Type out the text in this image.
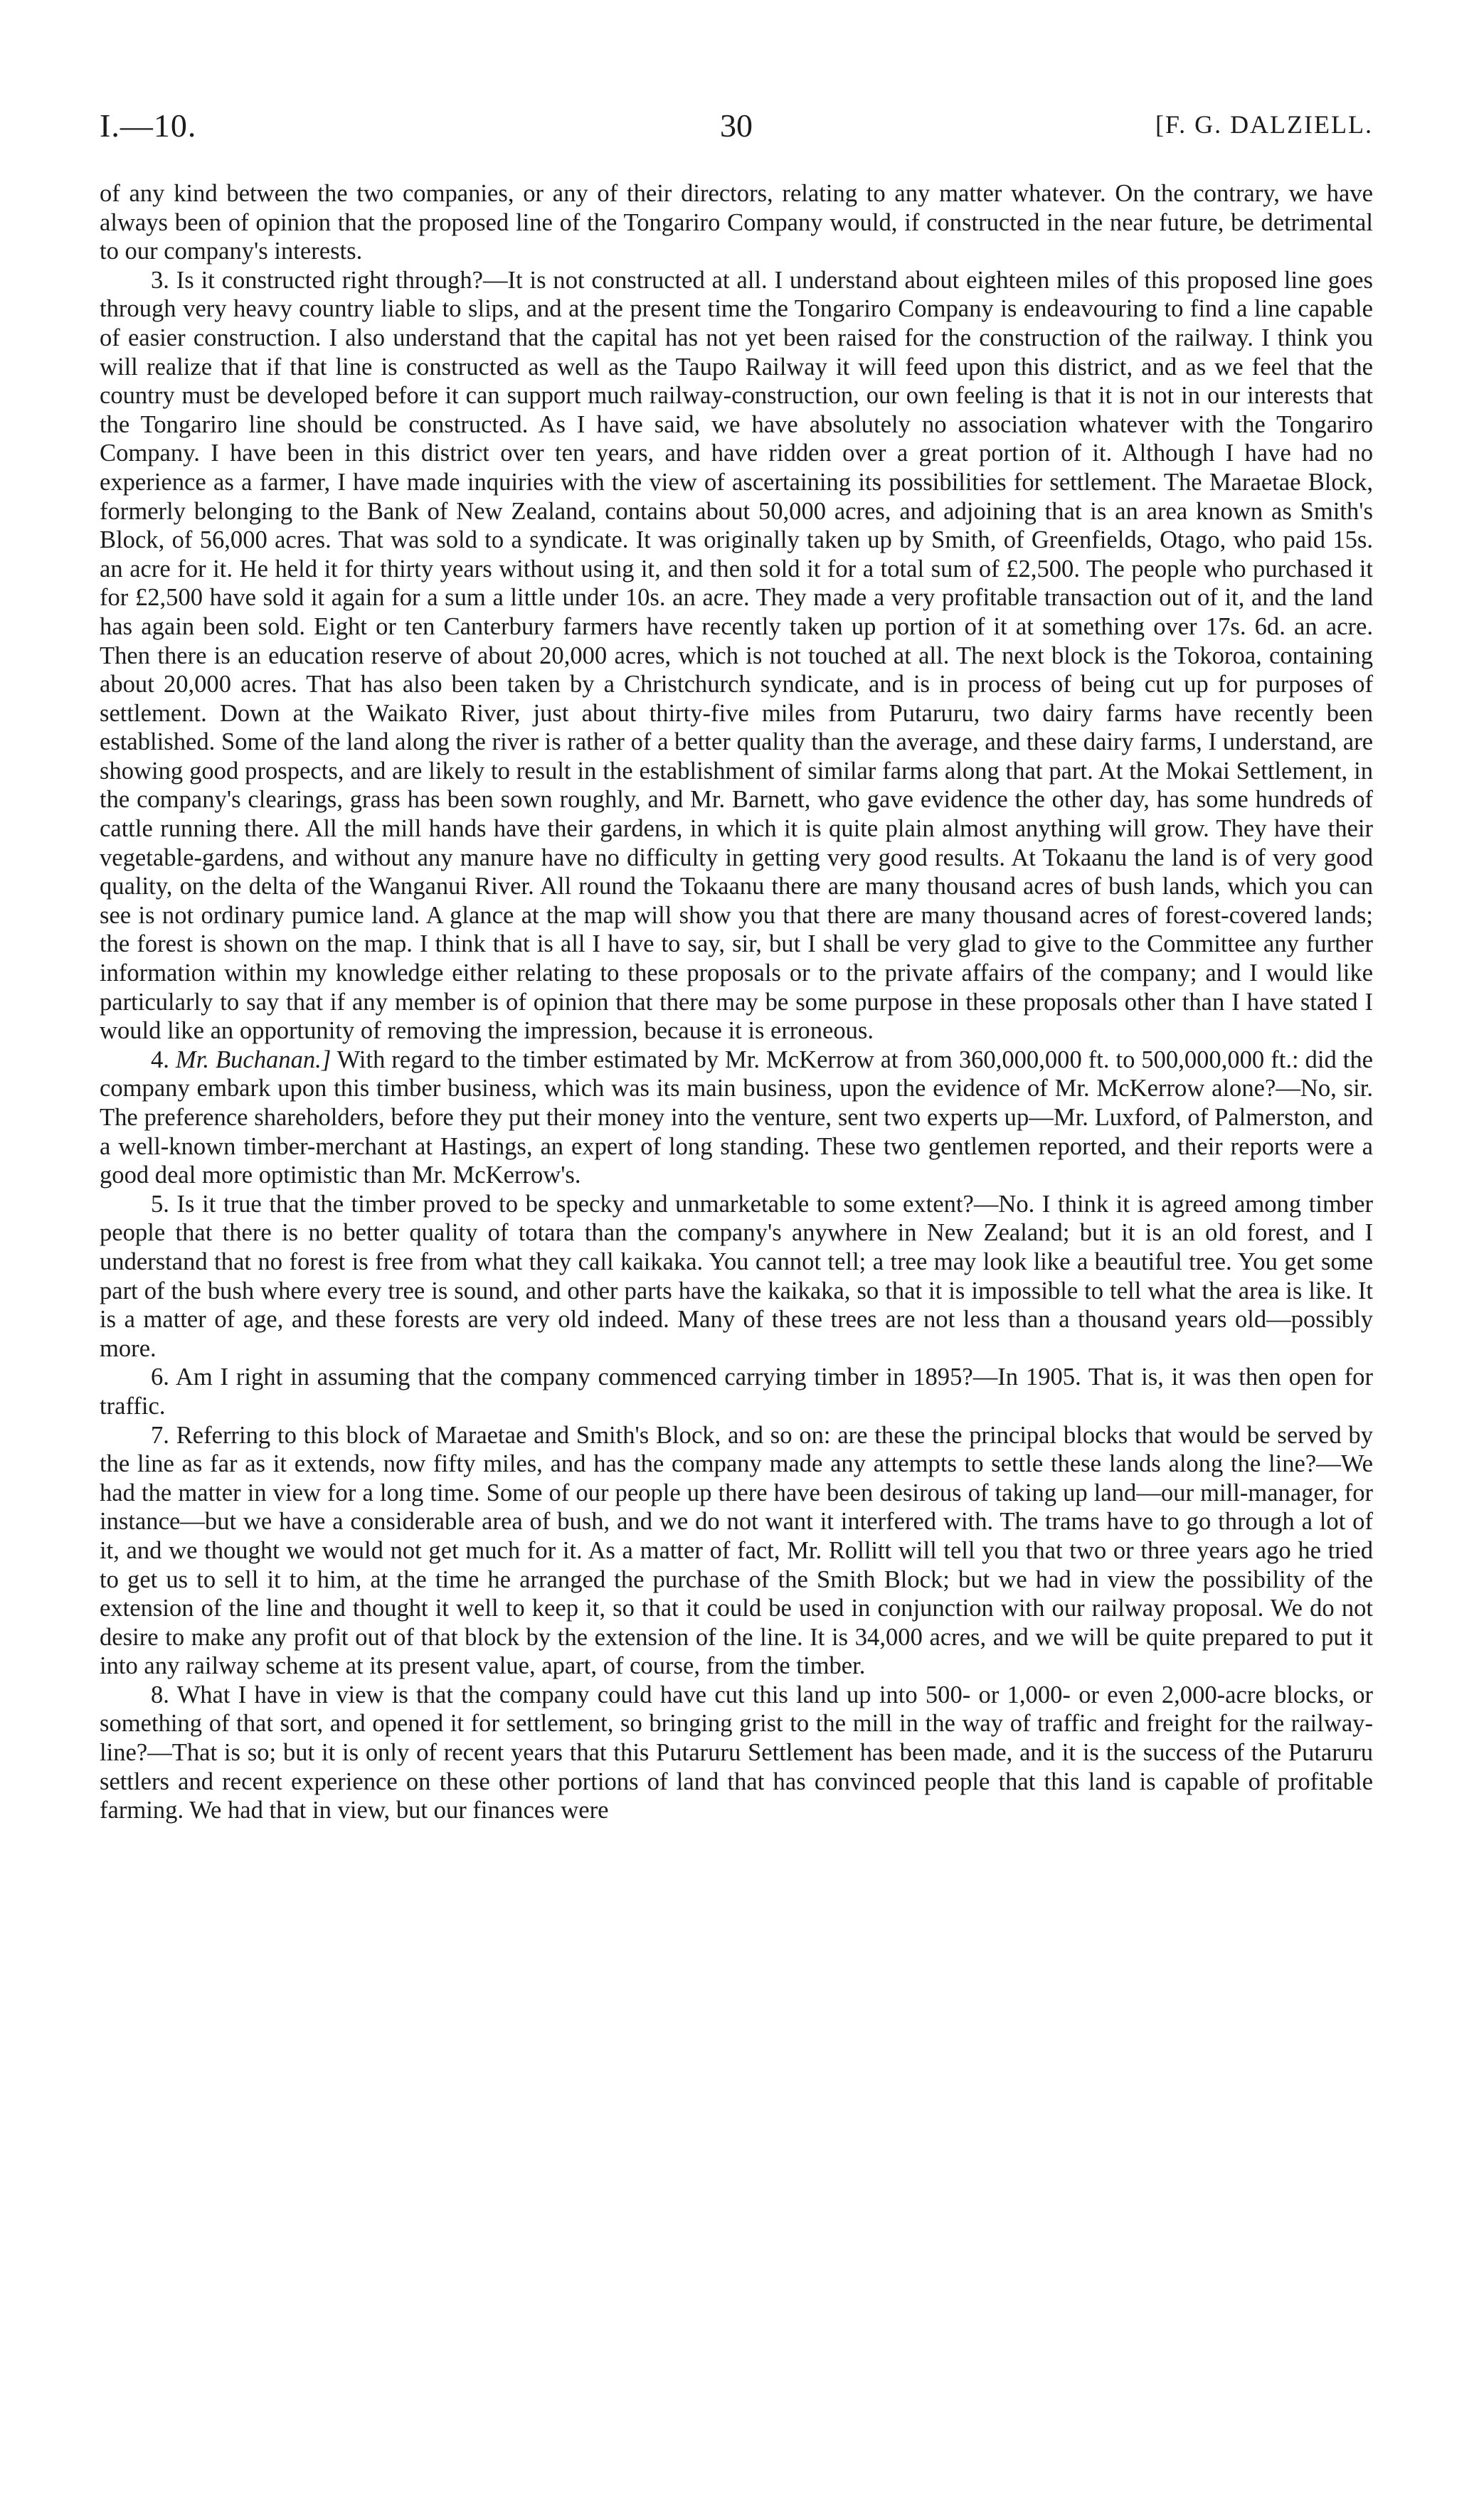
I.—10.	30	[F. G. DALZIELL.

of any kind between the two companies, or any of their directors, relating to any matter whatever. On the contrary, we have always been of opinion that the proposed line of the Tongariro Company would, if constructed in the near future, be detrimental to our company's interests.

3. Is it constructed right through?—It is not constructed at all. I understand about eighteen miles of this proposed line goes through very heavy country liable to slips, and at the present time the Tongariro Company is endeavouring to find a line capable of easier construction. I also understand that the capital has not yet been raised for the construction of the railway. I think you will realize that if that line is constructed as well as the Taupo Railway it will feed upon this district, and as we feel that the country must be developed before it can support much railway-construction, our own feeling is that it is not in our interests that the Tongariro line should be constructed. As I have said, we have absolutely no association whatever with the Tongariro Company. I have been in this district over ten years, and have ridden over a great portion of it. Although I have had no experience as a farmer, I have made inquiries with the view of ascertaining its possibilities for settlement. The Maraetae Block, formerly belonging to the Bank of New Zealand, contains about 50,000 acres, and adjoining that is an area known as Smith's Block, of 56,000 acres. That was sold to a syndicate. It was originally taken up by Smith, of Greenfields, Otago, who paid 15s. an acre for it. He held it for thirty years without using it, and then sold it for a total sum of £2,500. The people who purchased it for £2,500 have sold it again for a sum a little under 10s. an acre. They made a very profitable transaction out of it, and the land has again been sold. Eight or ten Canterbury farmers have recently taken up portion of it at something over 17s. 6d. an acre. Then there is an education reserve of about 20,000 acres, which is not touched at all. The next block is the Tokoroa, containing about 20,000 acres. That has also been taken by a Christchurch syndicate, and is in process of being cut up for purposes of settlement. Down at the Waikato River, just about thirty-five miles from Putaruru, two dairy farms have recently been established. Some of the land along the river is rather of a better quality than the average, and these dairy farms, I understand, are showing good prospects, and are likely to result in the establishment of similar farms along that part. At the Mokai Settlement, in the company's clearings, grass has been sown roughly, and Mr. Barnett, who gave evidence the other day, has some hundreds of cattle running there. All the mill hands have their gardens, in which it is quite plain almost anything will grow. They have their vegetable-gardens, and without any manure have no difficulty in getting very good results. At Tokaanu the land is of very good quality, on the delta of the Wanganui River. All round the Tokaanu there are many thousand acres of bush lands, which you can see is not ordinary pumice land. A glance at the map will show you that there are many thousand acres of forest-covered lands; the forest is shown on the map. I think that is all I have to say, sir, but I shall be very glad to give to the Committee any further information within my knowledge either relating to these proposals or to the private affairs of the company; and I would like particularly to say that if any member is of opinion that there may be some purpose in these proposals other than I have stated I would like an opportunity of removing the impression, because it is erroneous.

4. Mr. Buchanan.] With regard to the timber estimated by Mr. McKerrow at from 360,000,000 ft. to 500,000,000 ft.: did the company embark upon this timber business, which was its main business, upon the evidence of Mr. McKerrow alone?—No, sir. The preference shareholders, before they put their money into the venture, sent two experts up—Mr. Luxford, of Palmerston, and a well-known timber-merchant at Hastings, an expert of long standing. These two gentlemen reported, and their reports were a good deal more optimistic than Mr. McKerrow's.

5. Is it true that the timber proved to be specky and unmarketable to some extent?—No. I think it is agreed among timber people that there is no better quality of totara than the company's anywhere in New Zealand; but it is an old forest, and I understand that no forest is free from what they call kaikaka. You cannot tell; a tree may look like a beautiful tree. You get some part of the bush where every tree is sound, and other parts have the kaikaka, so that it is impossible to tell what the area is like. It is a matter of age, and these forests are very old indeed. Many of these trees are not less than a thousand years old—possibly more.

6. Am I right in assuming that the company commenced carrying timber in 1895?—In 1905. That is, it was then open for traffic.

7. Referring to this block of Maraetae and Smith's Block, and so on: are these the principal blocks that would be served by the line as far as it extends, now fifty miles, and has the company made any attempts to settle these lands along the line?—We had the matter in view for a long time. Some of our people up there have been desirous of taking up land—our mill-manager, for instance—but we have a considerable area of bush, and we do not want it interfered with. The trams have to go through a lot of it, and we thought we would not get much for it. As a matter of fact, Mr. Rollitt will tell you that two or three years ago he tried to get us to sell it to him, at the time he arranged the purchase of the Smith Block; but we had in view the possibility of the extension of the line and thought it well to keep it, so that it could be used in conjunction with our railway proposal. We do not desire to make any profit out of that block by the extension of the line. It is 34,000 acres, and we will be quite prepared to put it into any railway scheme at its present value, apart, of course, from the timber.

8. What I have in view is that the company could have cut this land up into 500- or 1,000- or even 2,000-acre blocks, or something of that sort, and opened it for settlement, so bringing grist to the mill in the way of traffic and freight for the railway-line?—That is so; but it is only of recent years that this Putaruru Settlement has been made, and it is the success of the Putaruru settlers and recent experience on these other portions of land that has convinced people that this land is capable of profitable farming. We had that in view, but our finances were
